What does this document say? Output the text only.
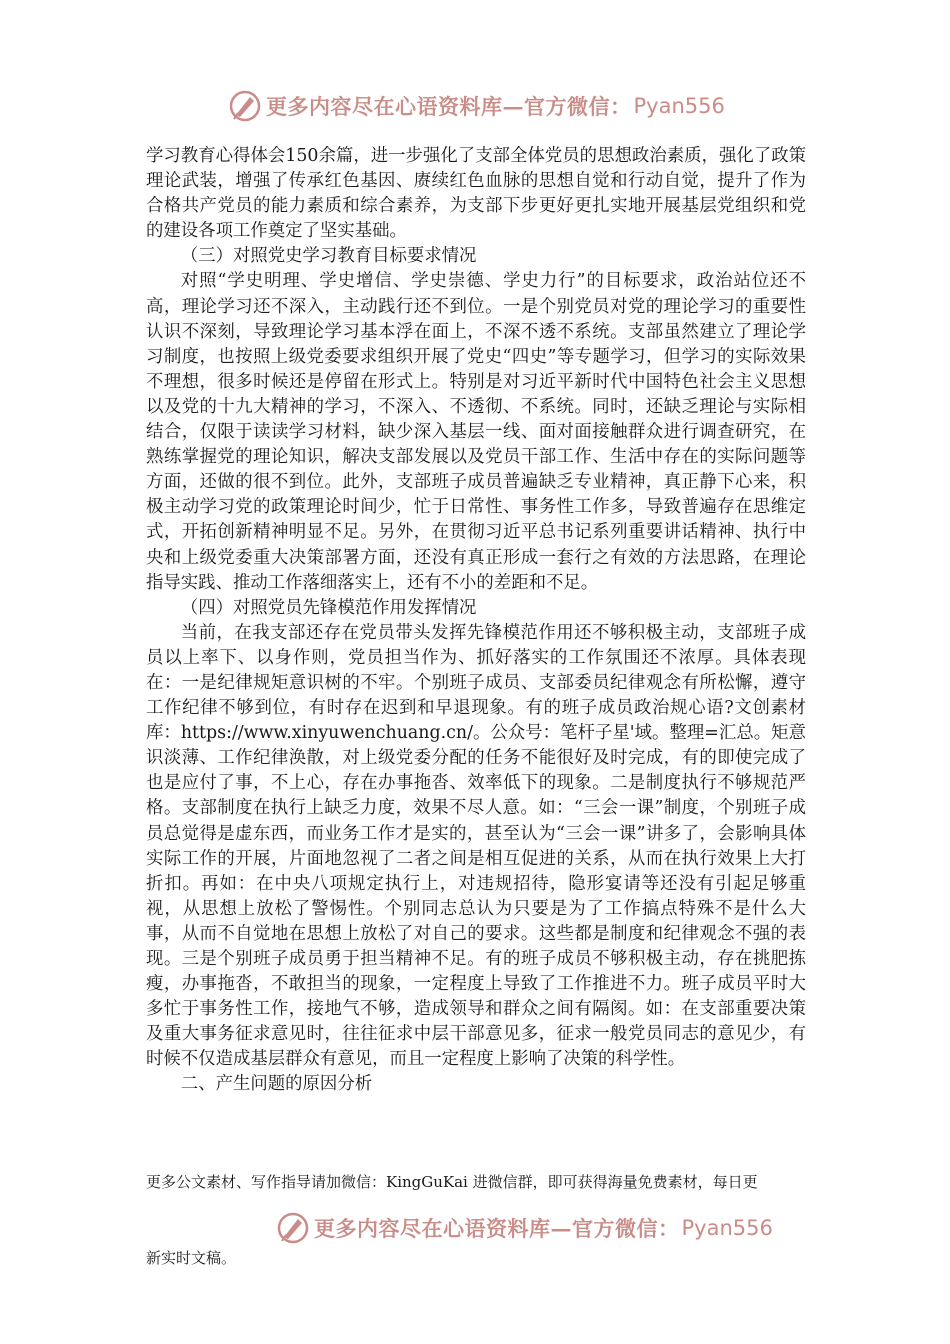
更多内容尽在心语资料库—官方微信： Pyan556

学习教育心得体会150余篇，进一步强化了支部全体党员的思想政治素质，强化了政策理论武装，增强了传承红色基因、赓续红色血脉的思想自觉和行动自觉，提升了作为合格共产党员的能力素质和综合素养，为支部下步更好更扎实地开展基层党组织和党的建设各项工作奠定了坚实基础。

（三）对照党史学习教育目标要求情况

对照“学史明理、学史增信、学史崇德、学史力行”的目标要求，政治站位还不高，理论学习还不深入，主动践行还不到位。一是个别党员对党的理论学习的重要性认识不深刻，导致理论学习基本浮在面上，不深不透不系统。支部虽然建立了理论学习制度，也按照上级党委要求组织开展了党史“四史”等专题学习，但学习的实际效果不理想，很多时候还是停留在形式上。特别是对习近平新时代中国特色社会主义思想以及党的十九大精神的学习，不深入、不透彻、不系统。同时，还缺乏理论与实际相结合，仅限于读读学习材料，缺少深入基层一线、面对面接触群众进行调查研究，在熟练掌握党的理论知识，解决支部发展以及党员干部工作、生活中存在的实际问题等方面，还做的很不到位。此外，支部班子成员普遍缺乏专业精神，真正静下心来，积极主动学习党的政策理论时间少，忙于日常性、事务性工作多，导致普遍存在思维定式，开拓创新精神明显不足。另外，在贯彻习近平总书记系列重要讲话精神、执行中央和上级党委重大决策部署方面，还没有真正形成一套行之有效的方法思路，在理论指导实践、推动工作落细落实上，还有不小的差距和不足。

（四）对照党员先锋模范作用发挥情况

当前，在我支部还存在党员带头发挥先锋模范作用还不够积极主动，支部班子成员以上率下、以身作则，党员担当作为、抓好落实的工作氛围还不浓厚。具体表现在：一是纪律规矩意识树的不牢。个别班子成员、支部委员纪律观念有所松懈，遵守工作纪律不够到位，有时存在迟到和早退现象。有的班子成员政治规心语?文创素材库：https://www.xinyuwenchuang.cn/。公众号：笔杆子星'域。整理=汇总。矩意识淡薄、工作纪律涣散，对上级党委分配的任务不能很好及时完成，有的即使完成了也是应付了事，不上心，存在办事拖沓、效率低下的现象。二是制度执行不够规范严格。支部制度在执行上缺乏力度，效果不尽人意。如：“三会一课”制度，个别班子成员总觉得是虚东西，而业务工作才是实的，甚至认为“三会一课”讲多了，会影响具体实际工作的开展，片面地忽视了二者之间是相互促进的关系，从而在执行效果上大打折扣。再如：在中央八项规定执行上，对违规招待，隐形宴请等还没有引起足够重视，从思想上放松了警惕性。个别同志总认为只要是为了工作搞点特殊不是什么大事，从而不自觉地在思想上放松了对自己的要求。这些都是制度和纪律观念不强的表现。三是个别班子成员勇于担当精神不足。有的班子成员不够积极主动，存在挑肥拣瘦，办事拖沓，不敢担当的现象，一定程度上导致了工作推进不力。班子成员平时大多忙于事务性工作，接地气不够，造成领导和群众之间有隔阂。如：在支部重要决策及重大事务征求意见时，往往征求中层干部意见多，征求一般党员同志的意见少，有时候不仅造成基层群众有意见，而且一定程度上影响了决策的科学性。

二、产生问题的原因分析

更多公文素材、写作指导请加微信：KingGuKai 进微信群，即可获得海量免费素材，每日更
更多内容尽在心语资料库—官方微信： Pyan556
新实时文稿。
